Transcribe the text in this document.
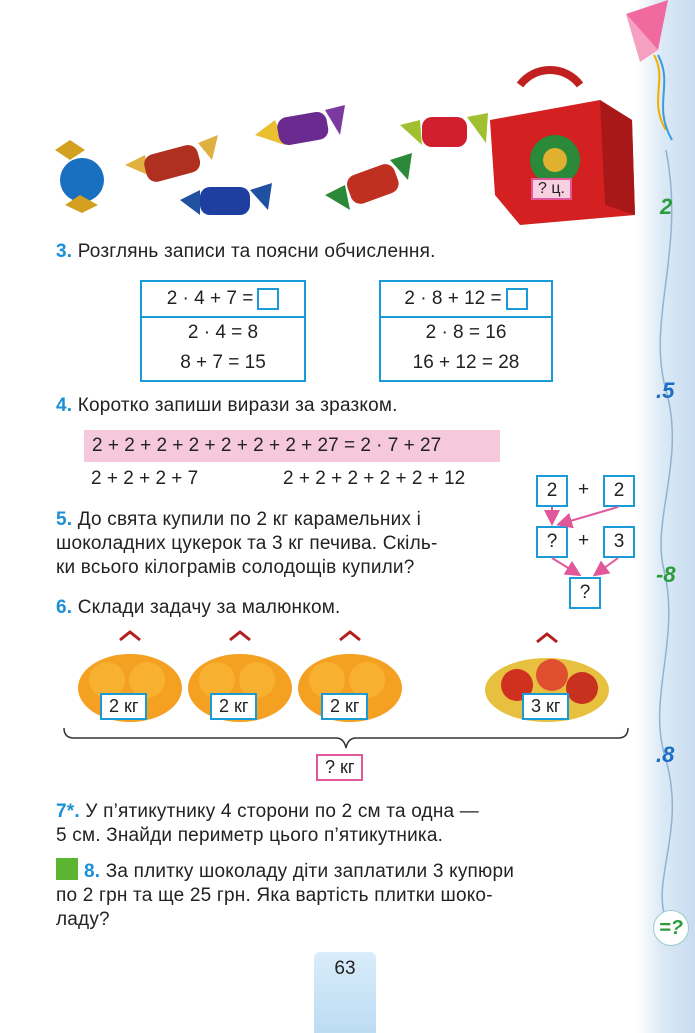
2
.5
-8
.8
=?
? ц.
3. Розглянь записи та поясни обчислення.
2 · 4 + 7 =
2 · 4 = 8
8 + 7 = 15
2 · 8 + 12 =
2 · 8 = 16
16 + 12 = 28
4. Коротко запиши вирази за зразком.
2 + 2 + 2 + 2 + 2 + 2 + 2 + 27 = 2 · 7 + 27
2 + 2 + 2 + 7	2 + 2 + 2 + 2 + 2 + 12
5. До свята купили по 2 кг карамельних і
шоколадних цукерок та 3 кг печива. Скіль-
ки всього кілограмів солодощів купили?
2	+	2
?	+	3
?
6. Склади задачу за малюнком.
2 кг	2 кг	2 кг	3 кг
? кг
7*. У п’ятикутнику 4 сторони по 2 см та одна —
5 см. Знайди периметр цього п’ятикутника.
8. За плитку шоколаду діти заплатили 3 купюри
по 2 грн та ще 25 грн. Яка вартість плитки шоко-
ладу?
63
